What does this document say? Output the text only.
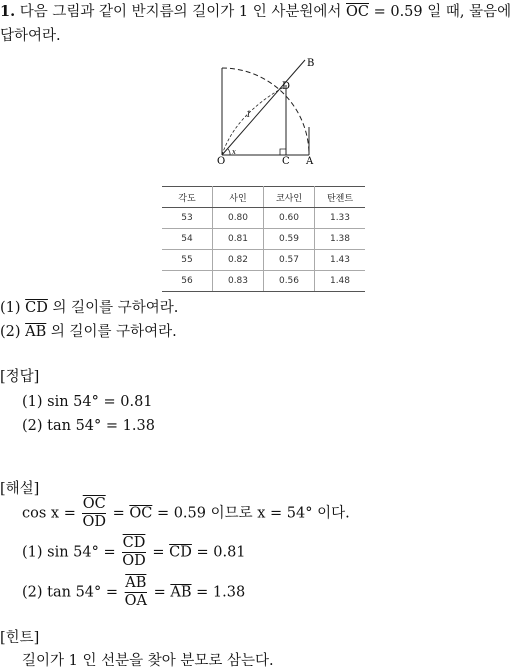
1. 다음 그림과 같이 반지름의 길이가 1 인 사분원에서 $\overline{OC} = 0.59$ 일 때, 물음에
답하여라.
B
D
O	C A
1
x
각도	사인	코사인	탄젠트
53	0.80	0.60	1.33
54	0.81	0.59	1.38
55	0.82	0.57	1.43
56	0.83	0.56	1.48
(1) $\overline{CD}$ 의 길이를 구하여라.
(2) $\overline{AB}$ 의 길이를 구하여라.
[정답]
(1) sin 54° = 0.81
(2) tan 54° = 1.38
[해설]
$\cos x = \frac{\overline{OC}}{OD} = \overline{OC} = 0.59$ 이므로 x = 54° 이다.
(1) $\sin 54^\circ = \frac{\overline{CD}}{OD} = \overline{CD} = 0.81$
(2) $\tan 54^\circ = \frac{\overline{AB}}{OA} = \overline{AB} = 1.38$
[힌트]
길이가 1 인 선분을 찾아 분모로 삼는다.
